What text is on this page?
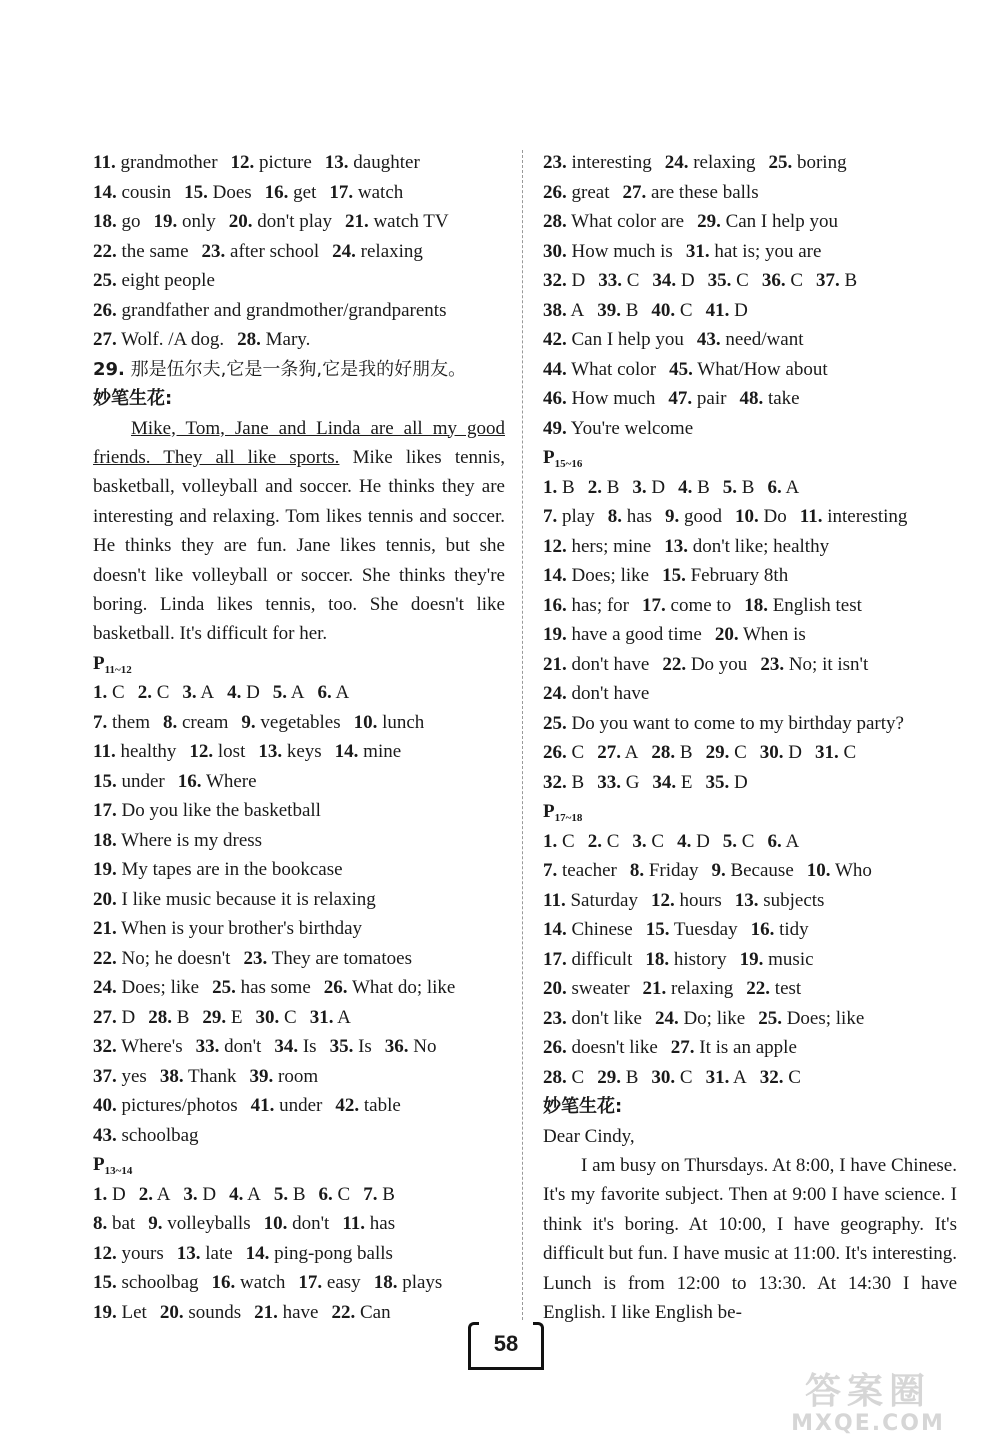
11. grandmother 12. picture 13. daughter
14. cousin 15. Does 16. get 17. watch
18. go 19. only 20. don't play 21. watch TV
22. the same 23. after school 24. relaxing
25. eight people
26. grandfather and grandmother/grandparents
27. Wolf. /A dog. 28. Mary.
29. 那是伍尔夫,它是一条狗,它是我的好朋友。
妙笔生花:

Mike, Tom, Jane and Linda are all my good friends. They all like sports. Mike likes tennis, basketball, volleyball and soccer. He thinks they are interesting and relaxing. Tom likes tennis and soccer. He thinks they are fun. Jane likes tennis, but she doesn't like volleyball or soccer. She thinks they're boring. Linda likes tennis, too. She doesn't like basketball. It's difficult for her.

$P_{11\sim 12}$
1. C 2. C 3. A 4. D 5. A 6. A
7. them 8. cream 9. vegetables 10. lunch
11. healthy 12. lost 13. keys 14. mine
15. under 16. Where
17. Do you like the basketball
18. Where is my dress
19. My tapes are in the bookcase
20. I like music because it is relaxing
21. When is your brother's birthday
22. No; he doesn't 23. They are tomatoes
24. Does; like 25. has some 26. What do; like
27. D 28. B 29. E 30. C 31. A
32. Where's 33. don't 34. Is 35. Is 36. No
37. yes 38. Thank 39. room
40. pictures/photos 41. under 42. table
43. schoolbag
$P_{13\sim 14}$
1. D 2. A 3. D 4. A 5. B 6. C 7. B
8. bat 9. volleyballs 10. don't 11. has
12. yours 13. late 14. ping-pong balls
15. schoolbag 16. watch 17. easy 18. plays
19. Let 20. sounds 21. have 22. Can
23. interesting 24. relaxing 25. boring
26. great 27. are these balls
28. What color are 29. Can I help you
30. How much is 31. hat is; you are
32. D 33. C 34. D 35. C 36. C 37. B
38. A 39. B 40. C 41. D
42. Can I help you 43. need/want
44. What color 45. What/How about
46. How much 47. pair 48. take
49. You're welcome
$P_{15\sim 16}$
1. B 2. B 3. D 4. B 5. B 6. A
7. play 8. has 9. good 10. Do 11. interesting
12. hers; mine 13. don't like; healthy
14. Does; like 15. February 8th
16. has; for 17. come to 18. English test
19. have a good time 20. When is
21. don't have 22. Do you 23. No; it isn't
24. don't have
25. Do you want to come to my birthday party?
26. C 27. A 28. B 29. C 30. D 31. C
32. B 33. G 34. E 35. D
$P_{17\sim 18}$
1. C 2. C 3. C 4. D 5. C 6. A
7. teacher 8. Friday 9. Because 10. Who
11. Saturday 12. hours 13. subjects
14. Chinese 15. Tuesday 16. tidy
17. difficult 18. history 19. music
20. sweater 21. relaxing 22. test
23. don't like 24. Do; like 25. Does; like
26. doesn't like 27. It is an apple
28. C 29. B 30. C 31. A 32. C
妙笔生花:

Dear Cindy,

I am busy on Thursdays. At 8:00, I have Chinese. It's my favorite subject. Then at 9:00 I have science. I think it's boring. At 10:00, I have geography. It's difficult but fun. I have music at 11:00. It's interesting. Lunch is from 12:00 to 13:30. At 14:30 I have English. I like English be-

58
答案圈
MXQE.COM
